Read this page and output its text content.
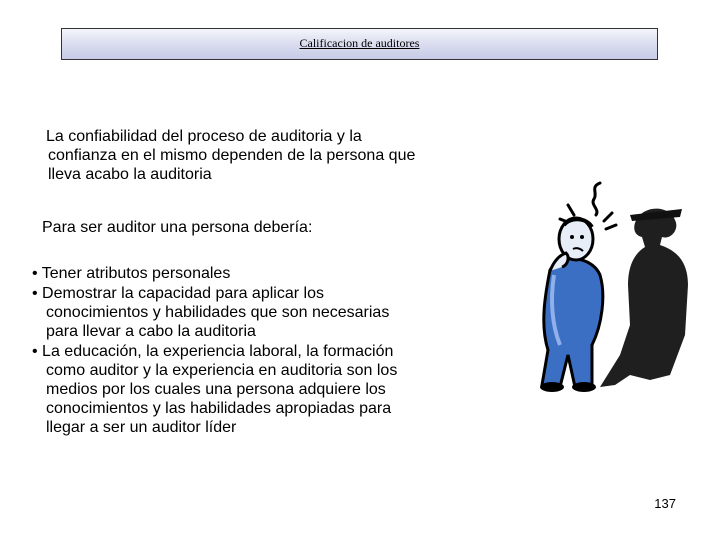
Calificacion de auditores
La confiabilidad del proceso de auditoria y la
confianza en el mismo dependen de la persona que
lleva acabo la auditoria
Para ser auditor una persona debería:
• Tener atributos personales
• Demostrar la capacidad para aplicar los
conocimientos y habilidades que son necesarias
para llevar a cabo la auditoria
• La educación, la experiencia laboral, la formación
como auditor y la experiencia en auditoria son los
medios por los cuales una persona adquiere los
conocimientos y las habilidades apropiadas para
llegar a ser un auditor líder
137
